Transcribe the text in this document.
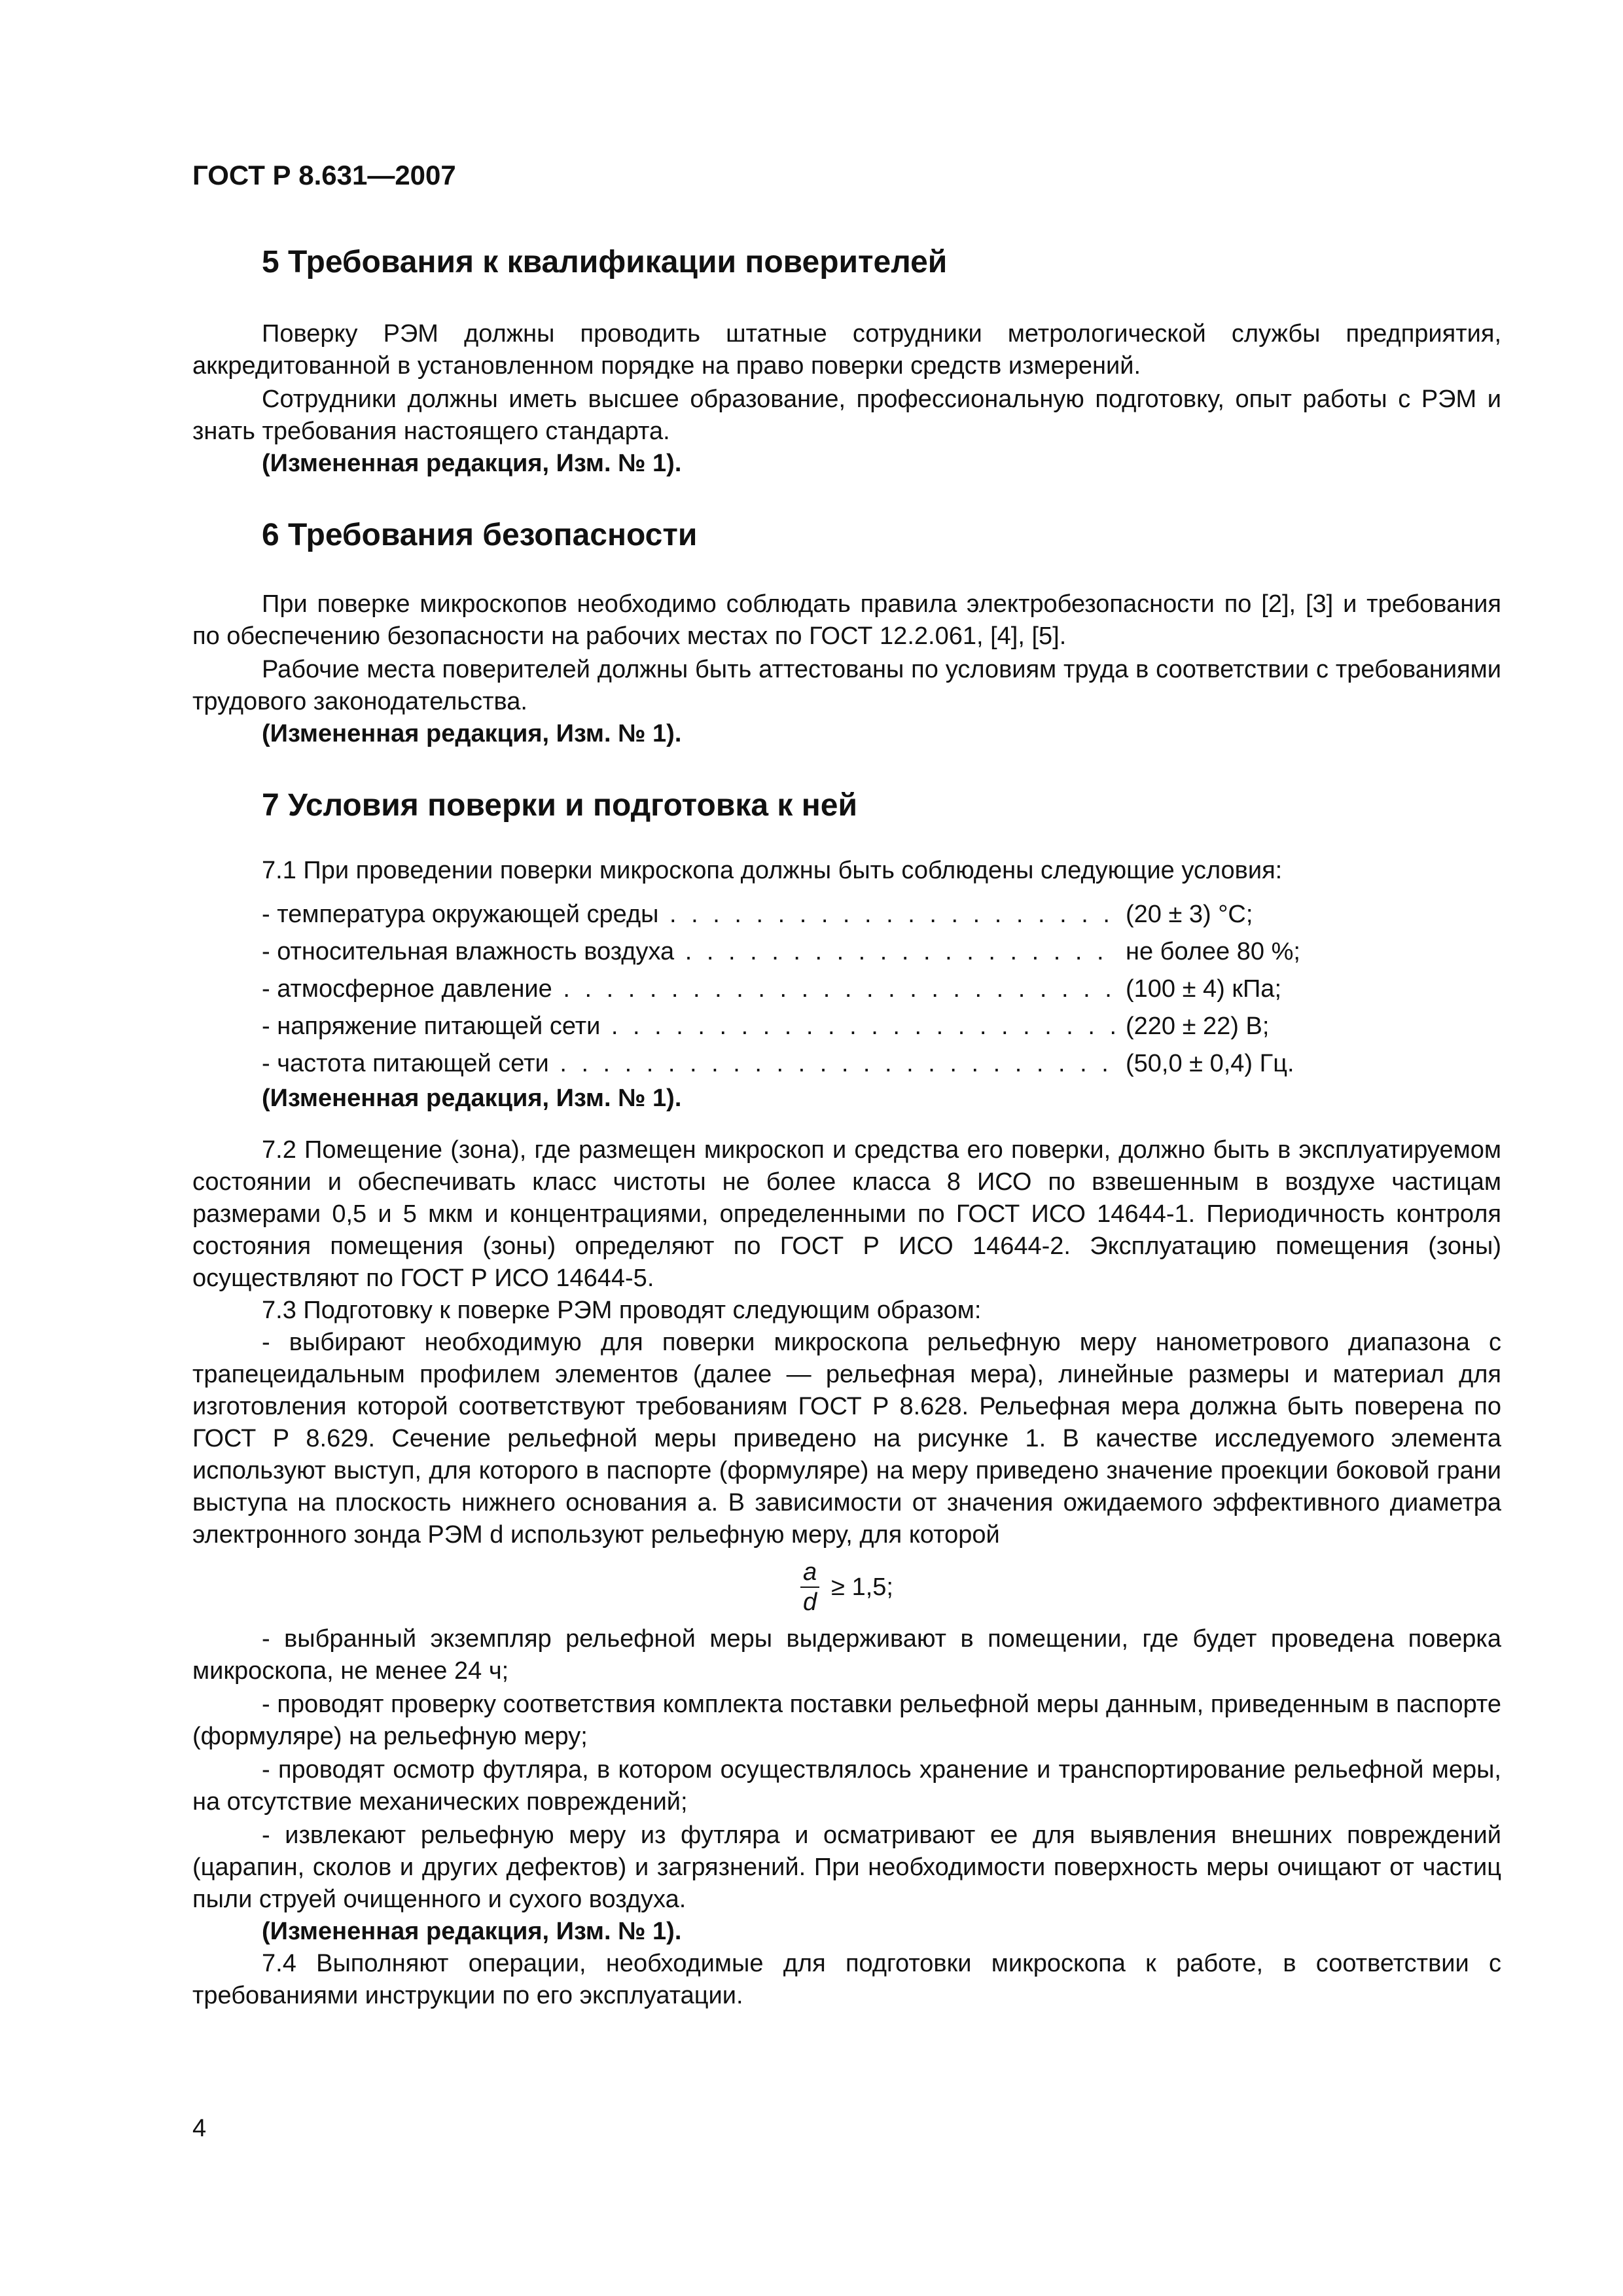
ГОСТ Р 8.631—2007

5 Требования к квалификации поверителей

Поверку РЭМ должны проводить штатные сотрудники метрологической службы предприятия, аккредитованной в установленном порядке на право поверки средств измерений.

Сотрудники должны иметь высшее образование, профессиональную подготовку, опыт работы с РЭМ и знать требования настоящего стандарта.

(Измененная редакция, Изм. № 1).

6 Требования безопасности

При поверке микроскопов необходимо соблюдать правила электробезопасности по [2], [3] и требования по обеспечению безопасности на рабочих местах по ГОСТ 12.2.061, [4], [5].

Рабочие места поверителей должны быть аттестованы по условиям труда в соответствии с требованиями трудового законодательства.

(Измененная редакция, Изм. № 1).

7 Условия поверки и подготовка к ней

7.1 При проведении поверки микроскопа должны быть соблюдены следующие условия:

- температура окружающей среды . . .	(20 ± 3) °С;
- относительная влажность воздуха . . .	не более 80 %;
- атмосферное давление . . .	(100 ± 4) кПа;
- напряжение питающей сети . . .	(220 ± 22) В;
- частота питающей сети . . .	(50,0 ± 0,4) Гц.

(Измененная редакция, Изм. № 1).

7.2 Помещение (зона), где размещен микроскоп и средства его поверки, должно быть в эксплуатируемом состоянии и обеспечивать класс чистоты не более класса 8 ИСО по взвешенным в воздухе частицам размерами 0,5 и 5 мкм и концентрациями, определенными по ГОСТ ИСО 14644-1. Периодичность контроля состояния помещения (зоны) определяют по ГОСТ Р ИСО 14644-2. Эксплуатацию помещения (зоны) осуществляют по ГОСТ Р ИСО 14644-5.

7.3 Подготовку к поверке РЭМ проводят следующим образом:

- выбирают необходимую для поверки микроскопа рельефную меру нанометрового диапазона с трапецеидальным профилем элементов (далее — рельефная мера), линейные размеры и материал для изготовления которой соответствуют требованиям ГОСТ Р 8.628. Рельефная мера должна быть поверена по ГОСТ Р 8.629. Сечение рельефной меры приведено на рисунке 1. В качестве исследуемого элемента используют выступ, для которого в паспорте (формуляре) на меру приведено значение проекции боковой грани выступа на плоскость нижнего основания a. В зависимости от значения ожидаемого эффективного диаметра электронного зонда РЭМ d используют рельефную меру, для которой

$\frac{a}{d} \ge 1,5$;

- выбранный экземпляр рельефной меры выдерживают в помещении, где будет проведена поверка микроскопа, не менее 24 ч;

- проводят проверку соответствия комплекта поставки рельефной меры данным, приведенным в паспорте (формуляре) на рельефную меру;

- проводят осмотр футляра, в котором осуществлялось хранение и транспортирование рельефной меры, на отсутствие механических повреждений;

- извлекают рельефную меру из футляра и осматривают ее для выявления внешних повреждений (царапин, сколов и других дефектов) и загрязнений. При необходимости поверхность меры очищают от частиц пыли струей очищенного и сухого воздуха.

(Измененная редакция, Изм. № 1).

7.4 Выполняют операции, необходимые для подготовки микроскопа к работе, в соответствии с требованиями инструкции по его эксплуатации.

4
